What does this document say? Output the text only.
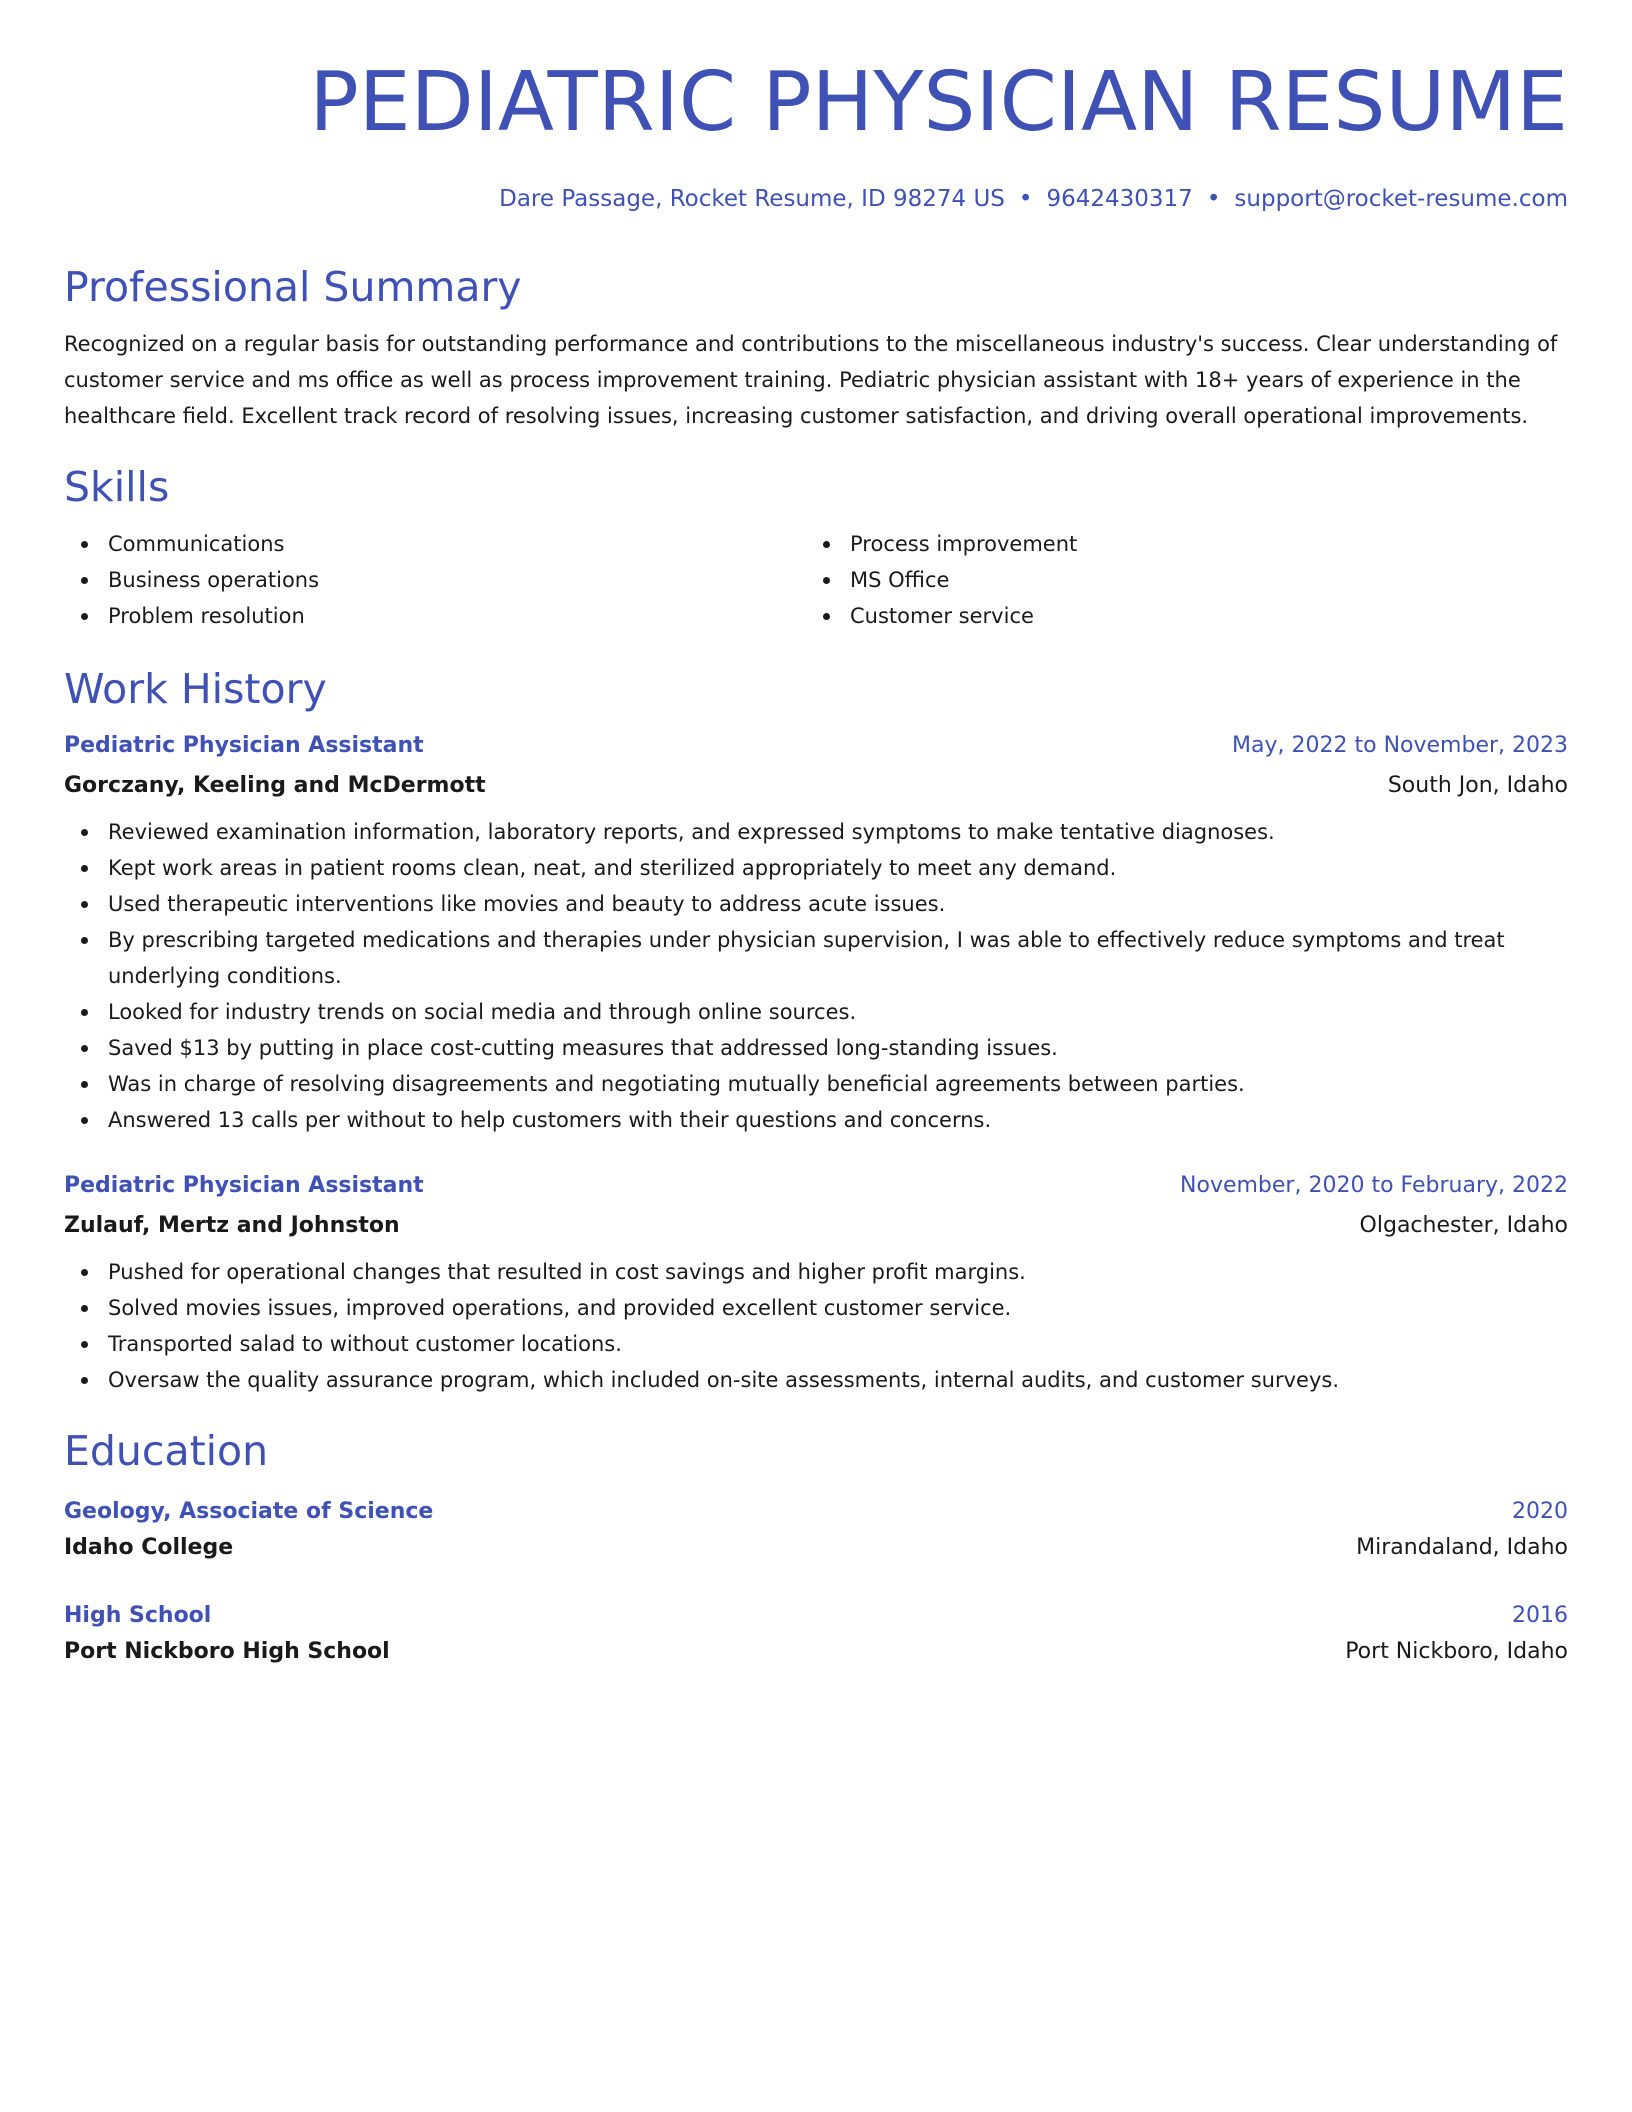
PEDIATRIC PHYSICIAN RESUME
Dare Passage, Rocket Resume, ID 98274 US • 9642430317 • support@rocket-resume.com
Professional Summary

Recognized on a regular basis for outstanding performance and contributions to the miscellaneous industry's success. Clear understanding of customer service and ms office as well as process improvement training. Pediatric physician assistant with 18+ years of experience in the healthcare field. Excellent track record of resolving issues, increasing customer satisfaction, and driving overall operational improvements.

Skills
Communications
Business operations
Problem resolution
Process improvement
MS Office
Customer service
Work History
Pediatric Physician Assistant	May, 2022 to November, 2023
Gorczany, Keeling and McDermott	South Jon, Idaho
Reviewed examination information, laboratory reports, and expressed symptoms to make tentative diagnoses.
Kept work areas in patient rooms clean, neat, and sterilized appropriately to meet any demand.
Used therapeutic interventions like movies and beauty to address acute issues.
By prescribing targeted medications and therapies under physician supervision, I was able to effectively reduce symptoms and treat underlying conditions.
Looked for industry trends on social media and through online sources.
Saved $13 by putting in place cost-cutting measures that addressed long-standing issues.
Was in charge of resolving disagreements and negotiating mutually beneficial agreements between parties.
Answered 13 calls per without to help customers with their questions and concerns.
Pediatric Physician Assistant	November, 2020 to February, 2022
Zulauf, Mertz and Johnston	Olgachester, Idaho
Pushed for operational changes that resulted in cost savings and higher profit margins.
Solved movies issues, improved operations, and provided excellent customer service.
Transported salad to without customer locations.
Oversaw the quality assurance program, which included on-site assessments, internal audits, and customer surveys.
Education
Geology, Associate of Science	2020
Idaho College	Mirandaland, Idaho
High School	2016
Port Nickboro High School	Port Nickboro, Idaho
